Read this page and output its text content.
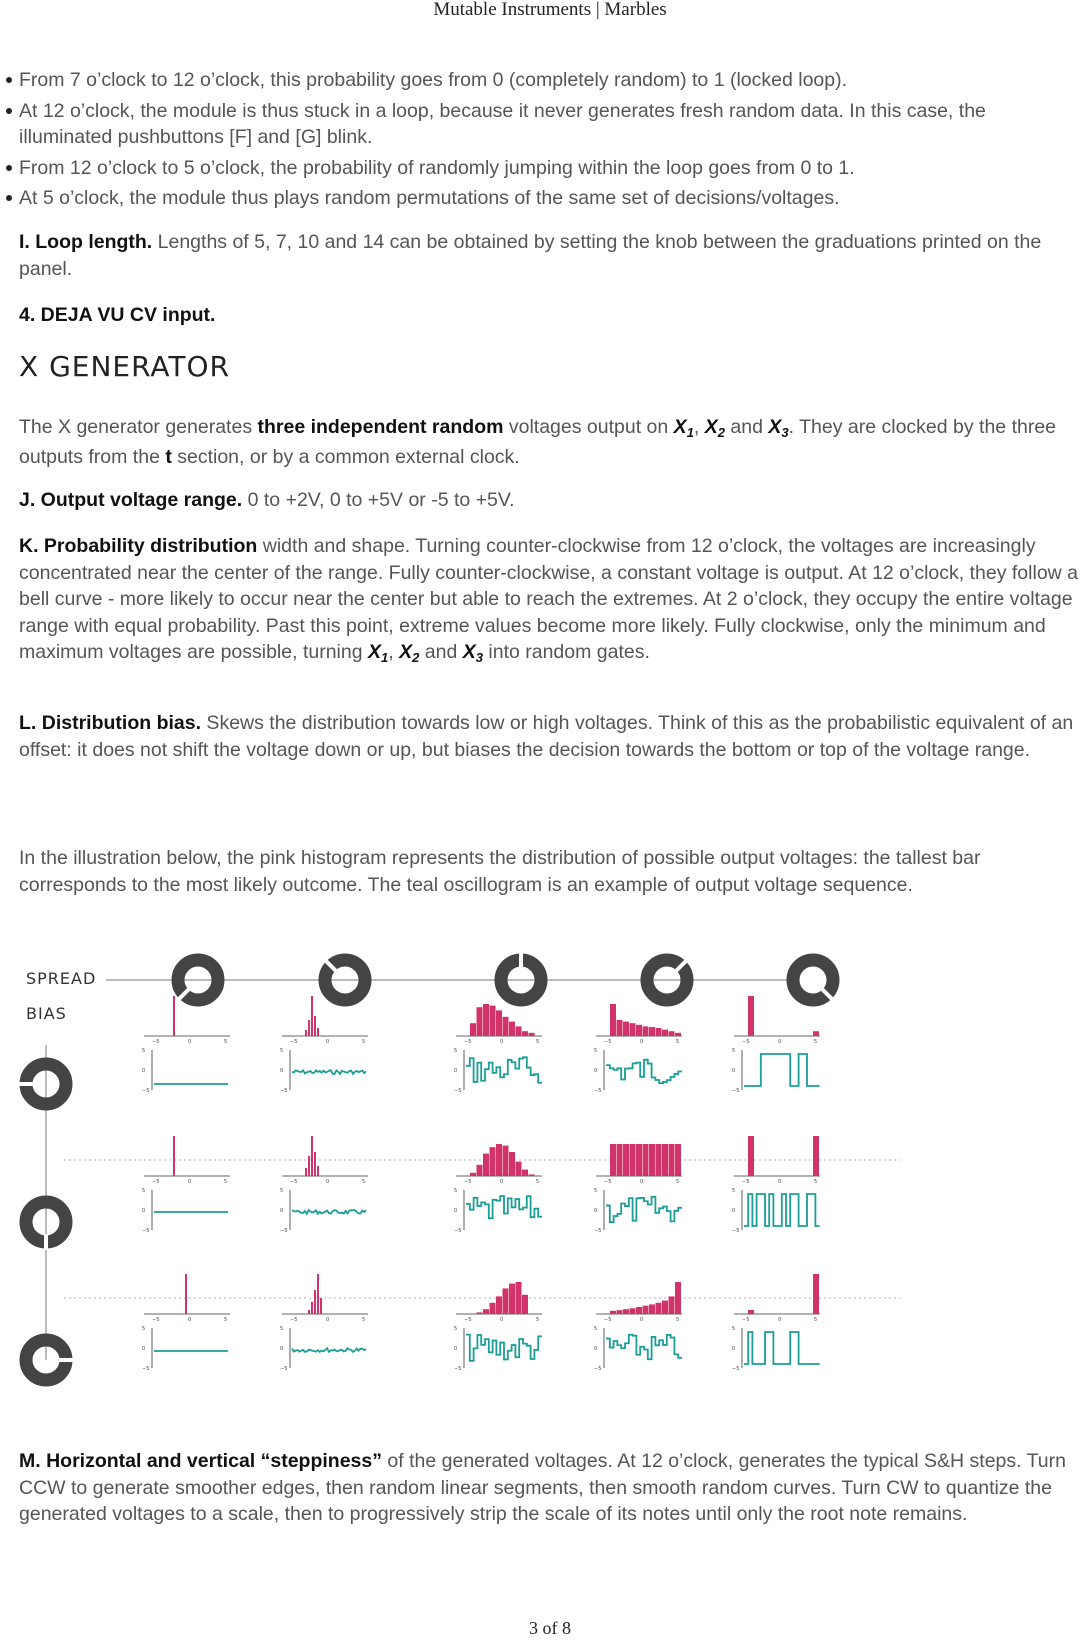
Mutable Instruments | Marbles
From 7 o’clock to 12 o’clock, this probability goes from 0 (completely random) to 1 (locked loop).
At 12 o’clock, the module is thus stuck in a loop, because it never generates fresh random data. In this case, the illuminated pushbuttons [F] and [G] blink.
From 12 o’clock to 5 o’clock, the probability of randomly jumping within the loop goes from 0 to 1.
At 5 o’clock, the module thus plays random permutations of the same set of decisions/voltages.
I. Loop length. Lengths of 5, 7, 10 and 14 can be obtained by setting the knob between the graduations printed on the panel.
4. DEJA VU CV input.
X GENERATOR
The X generator generates three independent random voltages output on $X_1$, $X_2$ and $X_3$. They are clocked by the three outputs from the t section, or by a common external clock.
J. Output voltage range. 0 to +2V, 0 to +5V or -5 to +5V.
K. Probability distribution width and shape. Turning counter-clockwise from 12 o’clock, the voltages are increasingly concentrated near the center of the range. Fully counter-clockwise, a constant voltage is output. At 12 o’clock, they follow a bell curve - more likely to occur near the center but able to reach the extremes. At 2 o’clock, they occupy the entire voltage range with equal probability. Past this point, extreme values become more likely. Fully clockwise, only the minimum and maximum voltages are possible, turning $X_1$, $X_2$ and $X_3$ into random gates.
L. Distribution bias. Skews the distribution towards low or high voltages. Think of this as the probabilistic equivalent of an offset: it does not shift the voltage down or up, but biases the decision towards the bottom or top of the voltage range.
In the illustration below, the pink histogram represents the distribution of possible output voltages: the tallest bar corresponds to the most likely outcome. The teal oscillogram is an example of output voltage sequence.
M. Horizontal and vertical “steppiness” of the generated voltages. At 12 o’clock, generates the typical S&H steps. Turn CCW to generate smoother edges, then random linear segments, then smooth random curves. Turn CW to quantize the generated voltages to a scale, then to progressively strip the scale of its notes until only the root note remains.
SPREAD
BIAS
−5	0	5
5
0
−5
−5	0	5
5
0
−5
−5	0	5
5
0
−5
−5	0	5
5
0
−5
−5	0	5
5
0
−5
−5	0	5
5
0
−5
−5	0	5
5
0
−5
−5	0	5
5
0
−5
−5	0	5
5
0
−5
−5	0	5
5
0
−5
−5	0	5
5
0
−5
−5	0	5
5
0
−5
−5	0	5
5
0
−5
−5	0	5
5
0
−5
−5	0	5
5
0
−5
3 of 8
